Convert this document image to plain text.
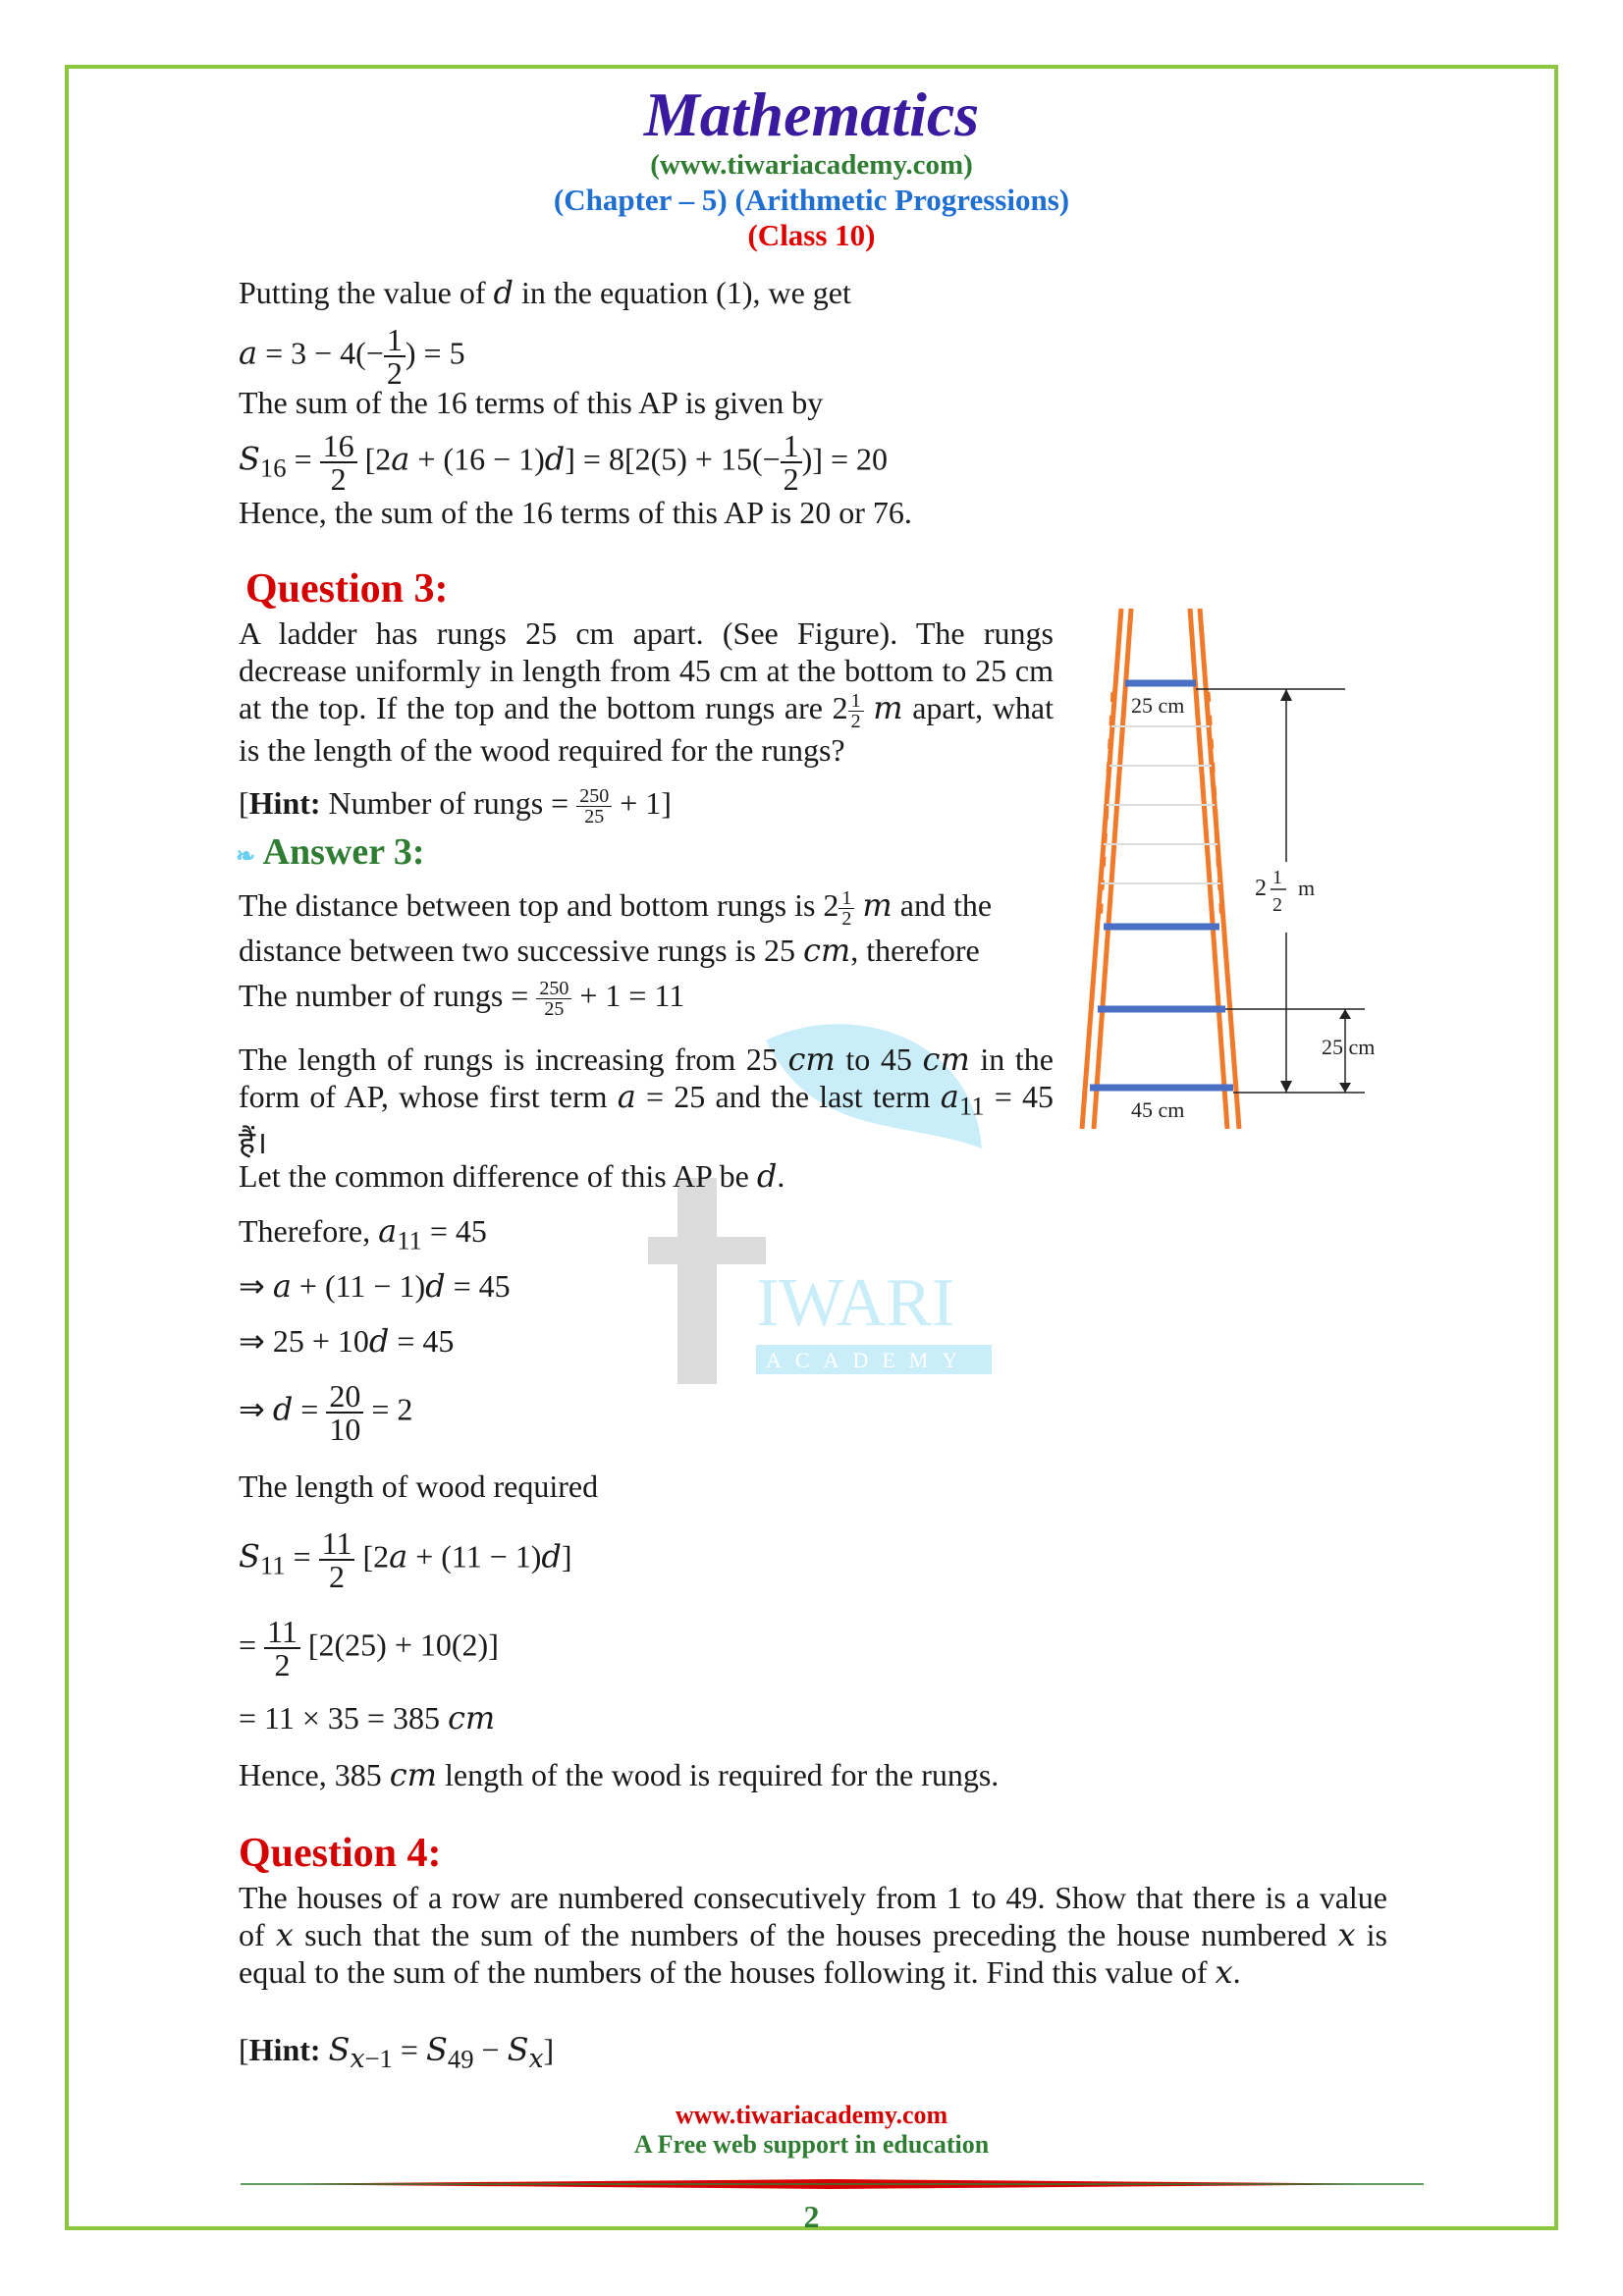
IWARI
ACADEMY
Mathematics
(www.tiwariacademy.com)
(Chapter – 5) (Arithmetic Progressions)
(Class 10)
Putting the value of d in the equation (1), we get
$a = 3 - 4(- \frac{1}{2}$ ) = 5
The sum of the 16 terms of this AP is given by
$S_{16} = \frac{16}{2} [2a + (16 - 1)d] = 8[2(5) + 15(- \frac{1}{2}$ )] = 20
Hence, the sum of the 16 terms of this AP is 20 or 76.
Question 3:
A ladder has rungs 25 cm apart. (See Figure). The rungs decrease uniformly in length from 45 cm at the bottom to 25 cm at the top. If the top and the bottom rungs are $2 \frac{1}{2}$ m apart, what is the length of the wood required for the rungs?
[Hint: Number of rungs = $\frac{250}{25} + 1$]
❧ Answer 3:
The distance between top and bottom rungs is $2 \frac{1}{2}$ m and the
distance between two successive rungs is 25 cm, therefore
The number of rungs = $\frac{250}{25} + 1 = 11$
The length of rungs is increasing from 25 cm to 45 cm in the form of AP, whose first term a = 25 and the last term $a_{11} = 45$ हैं।
Let the common difference of this AP be d.
Therefore, $a_{11} = 45$
⇒ a + (11 − 1)d = 45
⇒ 25 + 10d = 45
⇒ $d = \frac{20}{10} = 2$
The length of wood required
$S_{11} = \frac{11}{2} [2a + (11 - 1)d]$
= $\frac{11}{2} [2(25) + 10(2)]$
= 11 × 35 = 385 cm
Hence, 385 cm length of the wood is required for the rungs.
25 cm
45 cm
25 cm
2 1
2
m
Question 4:
The houses of a row are numbered consecutively from 1 to 49. Show that there is a value of x such that the sum of the numbers of the houses preceding the house numbered x is equal to the sum of the numbers of the houses following it. Find this value of x.
[Hint: $S_{x-1} = S_{49} - S_x$]
www.tiwariacademy.com
A Free web support in education
2
